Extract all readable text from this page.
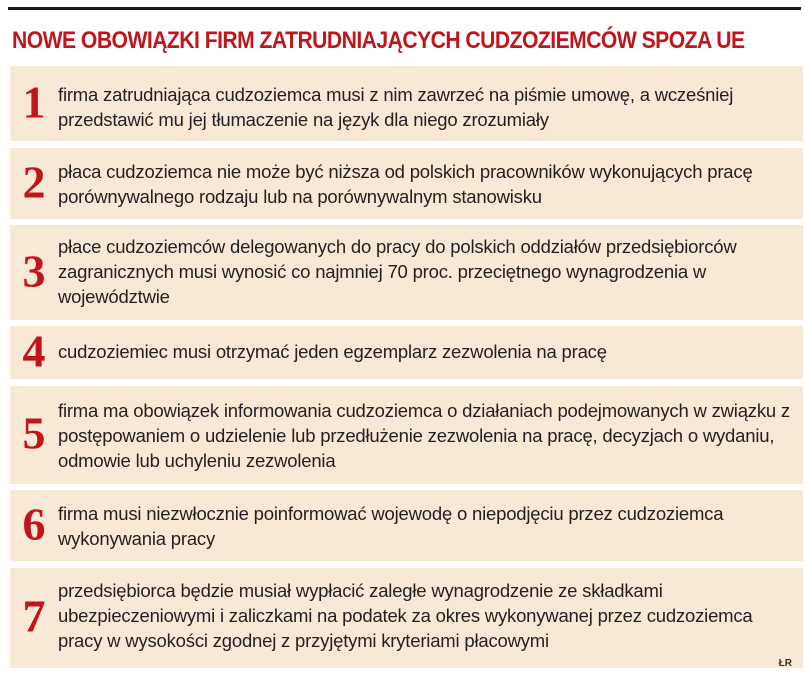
NOWE OBOWIĄZKI FIRM ZATRUDNIAJĄCYCH CUDZOZIEMCÓW SPOZA UE
1 firma zatrudniająca cudzoziemca musi z nim zawrzeć na piśmie umowę, a wcześniej przedstawić mu jej tłumaczenie na język dla niego zrozumiały
2 płaca cudzoziemca nie może być niższa od polskich pracowników wykonujących pracę porównywalnego rodzaju lub na porównywalnym stanowisku
3 płace cudzoziemców delegowanych do pracy do polskich oddziałów przedsiębiorców zagranicznych musi wynosić co najmniej 70 proc. przeciętnego wynagrodzenia w województwie
4 cudzoziemiec musi otrzymać jeden egzemplarz zezwolenia na pracę
5 firma ma obowiązek informowania cudzoziemca o działaniach podejmowanych w związku z postępowaniem o udzielenie lub przedłużenie zezwolenia na pracę, decyzjach o wydaniu, odmowie lub uchyleniu zezwolenia
6 firma musi niezwłocznie poinformować wojewodę o niepodjęciu przez cudzoziemca wykonywania pracy
7
przedsiębiorca będzie musiał wypłacić zaległe wynagrodzenie ze składkami ubezpieczeniowymi i zaliczkami na podatek za okres wykonywanej przez cudzoziemca pracy w wysokości zgodnej z przyjętymi kryteriami płacowymi
ŁR
